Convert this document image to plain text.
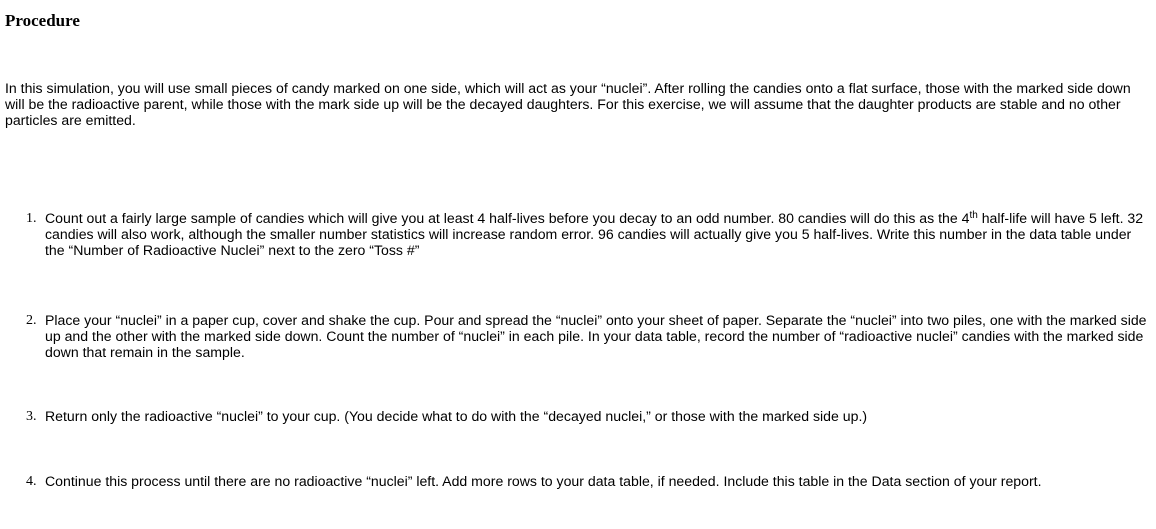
Procedure

In this simulation, you will use small pieces of candy marked on one side, which will act as your “nuclei”. After rolling the candies onto a flat surface, those with the marked side down will be the radioactive parent, while those with the mark side up will be the decayed daughters. For this exercise, we will assume that the daughter products are stable and no other particles are emitted.

1. Count out a fairly large sample of candies which will give you at least 4 half-lives before you decay to an odd number. 80 candies will do this as the 4th half-life will have 5 left. 32 candies will also work, although the smaller number statistics will increase random error. 96 candies will actually give you 5 half-lives. Write this number in the data table under the “Number of Radioactive Nuclei” next to the zero “Toss #”
2. Place your “nuclei” in a paper cup, cover and shake the cup. Pour and spread the “nuclei” onto your sheet of paper. Separate the “nuclei” into two piles, one with the marked side up and the other with the marked side down. Count the number of “nuclei” in each pile. In your data table, record the number of “radioactive nuclei” candies with the marked side down that remain in the sample.
3. Return only the radioactive “nuclei” to your cup. (You decide what to do with the “decayed nuclei,” or those with the marked side up.)
4. Continue this process until there are no radioactive “nuclei” left. Add more rows to your data table, if needed. Include this table in the Data section of your report.
